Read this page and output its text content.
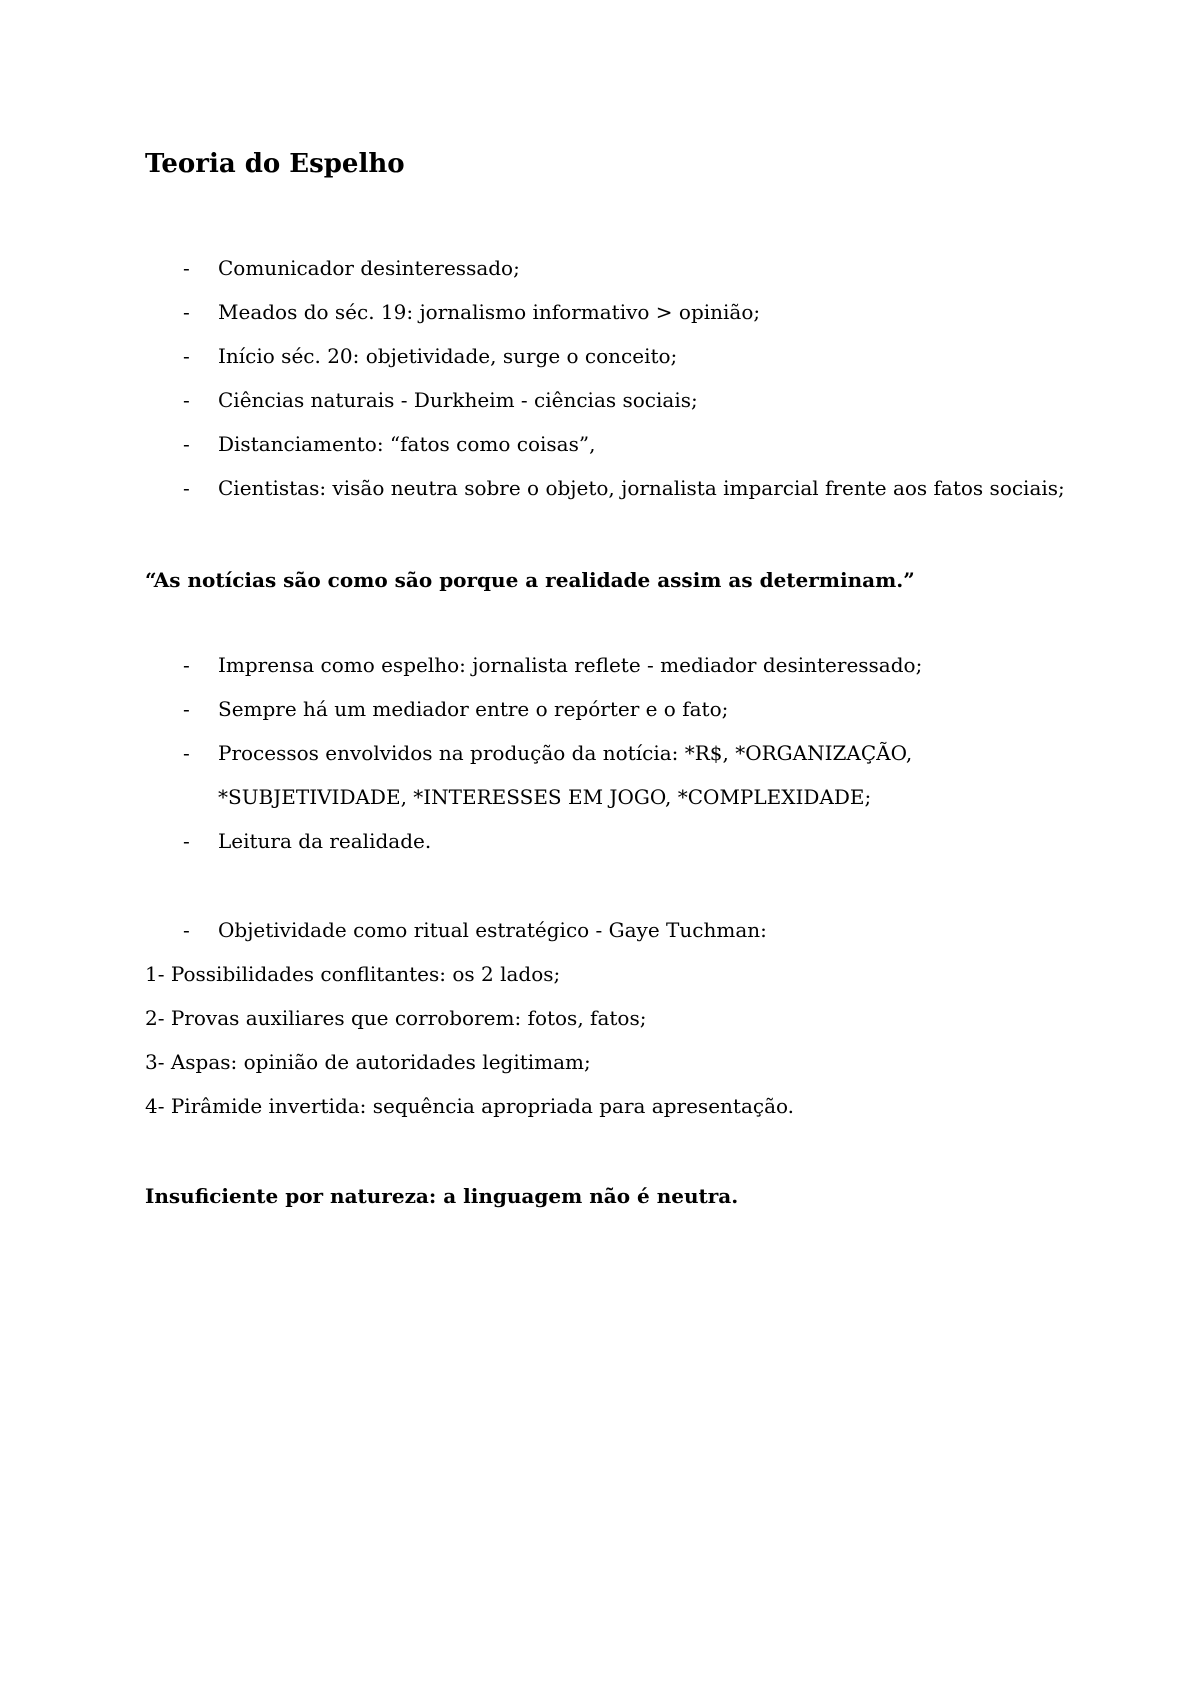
Teoria do Espelho
- Comunicador desinteressado;
- Meados do séc. 19: jornalismo informativo > opinião;
- Início séc. 20: objetividade, surge o conceito;
- Ciências naturais - Durkheim - ciências sociais;
- Distanciamento: “fatos como coisas”,
- Cientistas: visão neutra sobre o objeto, jornalista imparcial frente aos fatos sociais;
“As notícias são como são porque a realidade assim as determinam.”
- Imprensa como espelho: jornalista reflete - mediador desinteressado;
- Sempre há um mediador entre o repórter e o fato;
- Processos envolvidos na produção da notícia: *R$, *ORGANIZAÇÃO,
*SUBJETIVIDADE, *INTERESSES EM JOGO, *COMPLEXIDADE;
- Leitura da realidade.
- Objetividade como ritual estratégico - Gaye Tuchman:
1- Possibilidades conflitantes: os 2 lados;
2- Provas auxiliares que corroborem: fotos, fatos;
3- Aspas: opinião de autoridades legitimam;
4- Pirâmide invertida: sequência apropriada para apresentação.
Insuficiente por natureza: a linguagem não é neutra.
